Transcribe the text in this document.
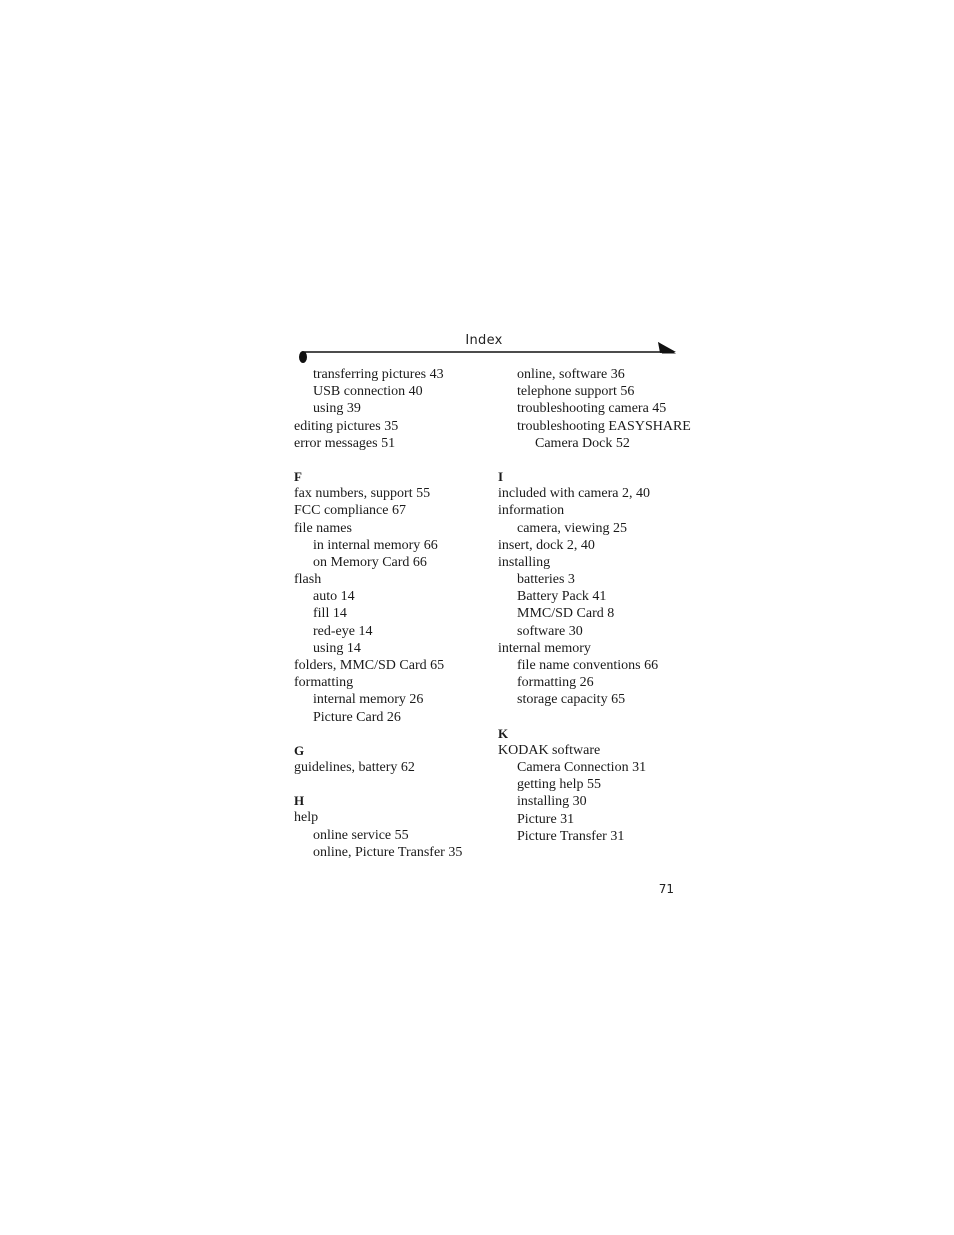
Index
transferring pictures 43
USB connection 40
using 39
editing pictures 35
error messages 51
F
fax numbers, support 55
FCC compliance 67
file names
in internal memory 66
on Memory Card 66
flash
auto 14
fill 14
red-eye 14
using 14
folders, MMC/SD Card 65
formatting
internal memory 26
Picture Card 26
G
guidelines, battery 62
H
help
online service 55
online, Picture Transfer 35
online, software 36
telephone support 56
troubleshooting camera 45
troubleshooting EASYSHARE
Camera Dock 52
I
included with camera 2, 40
information
camera, viewing 25
insert, dock 2, 40
installing
batteries 3
Battery Pack 41
MMC/SD Card 8
software 30
internal memory
file name conventions 66
formatting 26
storage capacity 65
K
KODAK software
Camera Connection 31
getting help 55
installing 30
Picture 31
Picture Transfer 31
71
